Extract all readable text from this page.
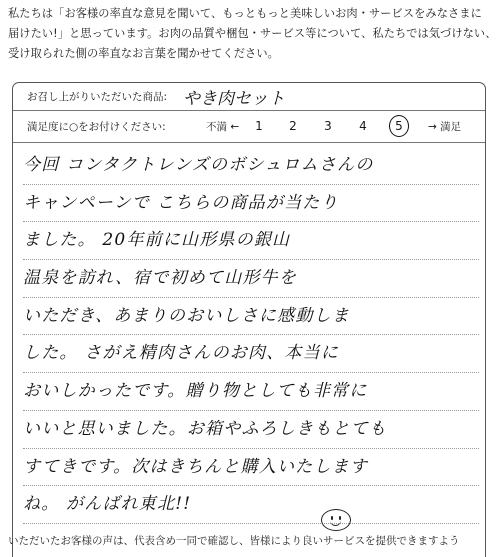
私たちは「お客様の率直な意見を聞いて、もっともっと美味しいお肉・サービスをみなさまに
届けたい!」と思っています。お肉の品質や梱包・サービス等について、私たちでは気づけない、
受け取られた側の率直なお言葉を聞かせてください。
お召し上がりいただいた商品: やき肉セット
満足度に○をお付けください:	不満 ←	1	2	3	4	5	→ 満足
今回 コンタクトレンズのボシュロムさんの
キャンペーンで こちらの商品が当たり
ました。 20年前に山形県の銀山
温泉を訪れ、宿で初めて山形牛を
いただき、あまりのおいしさに感動しま
した。 さがえ精肉さんのお肉、本当に
おいしかったです。贈り物としても非常に
いいと思いました。お箱やふろしきもとても
すてきです。次はきちんと購入いたします
ね。 がんばれ東北!!
いただいたお客様の声は、代表含め一同で確認し、皆様により良いサービスを提供できますよう
